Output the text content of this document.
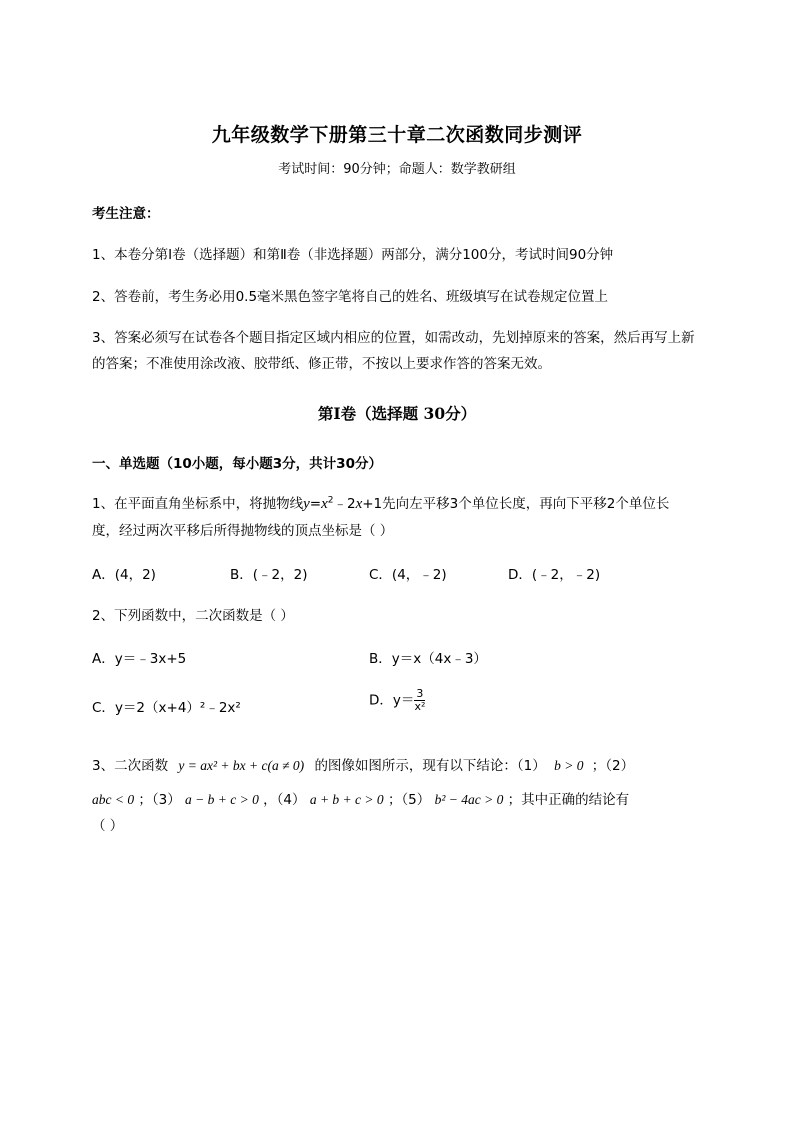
九年级数学下册第三十章二次函数同步测评
考试时间：90分钟；命题人：数学教研组
考生注意：
1、本卷分第Ⅰ卷（选择题）和第Ⅱ卷（非选择题）两部分，满分100分，考试时间90分钟
2、答卷前，考生务必用0.5毫米黑色签字笔将自己的姓名、班级填写在试卷规定位置上
3、答案必须写在试卷各个题目指定区域内相应的位置，如需改动，先划掉原来的答案，然后再写上新
的答案；不准使用涂改液、胶带纸、修正带，不按以上要求作答的答案无效。
第Ⅰ卷（选择题 30分）
一、单选题（10小题，每小题3分，共计30分）
1、在平面直角坐标系中，将抛物线$y=x^2﹣2x+1$先向左平移3个单位长度，再向下平移2个单位长
度，经过两次平移后所得抛物线的顶点坐标是（ ）
A．(4，2)	B．(﹣2，2)	C．(4，﹣2)	D．(﹣2，﹣2)
2、下列函数中，二次函数是（ ）
A．y＝﹣3x+5	B．y＝x（4x﹣3）
C．y＝2（x+4）²﹣2x²	D．$y= \frac{3}{\text{x²}}$
3、二次函数 y = ax² + bx + c(a ≠ 0) 的图像如图所示，现有以下结论：（1） b > 0 ；（2）
abc < 0 ；（3） a − b + c > 0 ，（4） a + b + c > 0 ；（5） b² − 4ac > 0 ；其中正确的结论有
（ ）
